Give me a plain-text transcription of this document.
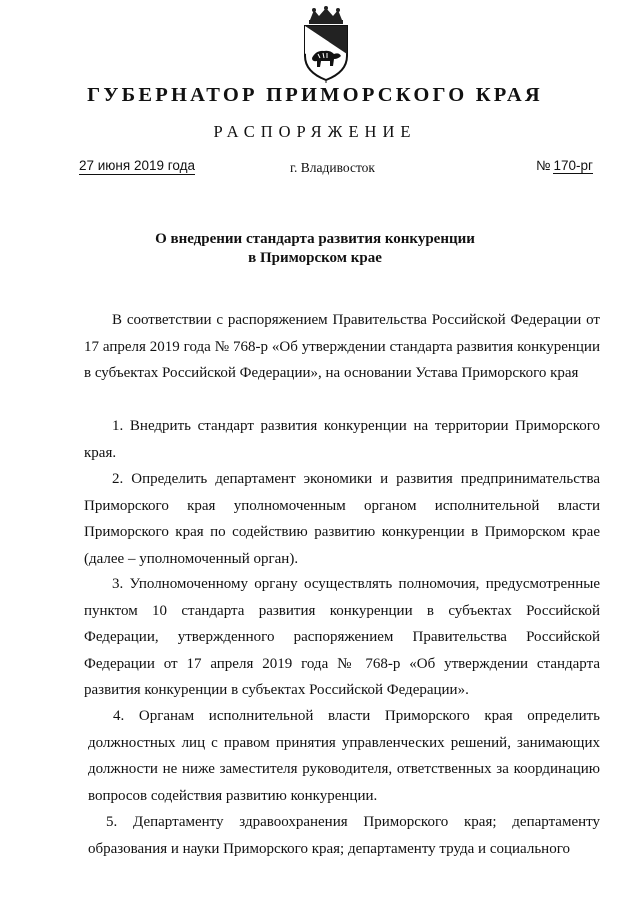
ГУБЕРНАТОР ПРИМОРСКОГО КРАЯ
РАСПОРЯЖЕНИЕ
27 июня 2019 года	г. Владивосток	№ 170-рг
О внедрении стандарта развития конкуренции
в Приморском крае
В соответствии с распоряжением Правительства Российской Федерации от 17 апреля 2019 года № 768-р «Об утверждении стандарта развития конкуренции в субъектах Российской Федерации», на основании Устава Приморского края
1. Внедрить стандарт развития конкуренции на территории Приморского края.
2. Определить департамент экономики и развития предпринимательства Приморского края уполномоченным органом исполнительной власти Приморского края по содействию развитию конкуренции в Приморском крае (далее – уполномоченный орган).
3. Уполномоченному органу осуществлять полномочия, предусмотренные пунктом 10 стандарта развития конкуренции в субъектах Российской Федерации, утвержденного распоряжением Правительства Российской Федерации от 17 апреля 2019 года № 768-р «Об утверждении стандарта развития конкуренции в субъектах Российской Федерации».
4. Органам исполнительной власти Приморского края определить должностных лиц с правом принятия управленческих решений, занимающих должности не ниже заместителя руководителя, ответственных за координацию вопросов содействия развитию конкуренции.
5. Департаменту здравоохранения Приморского края; департаменту образования и науки Приморского края; департаменту труда и социального
